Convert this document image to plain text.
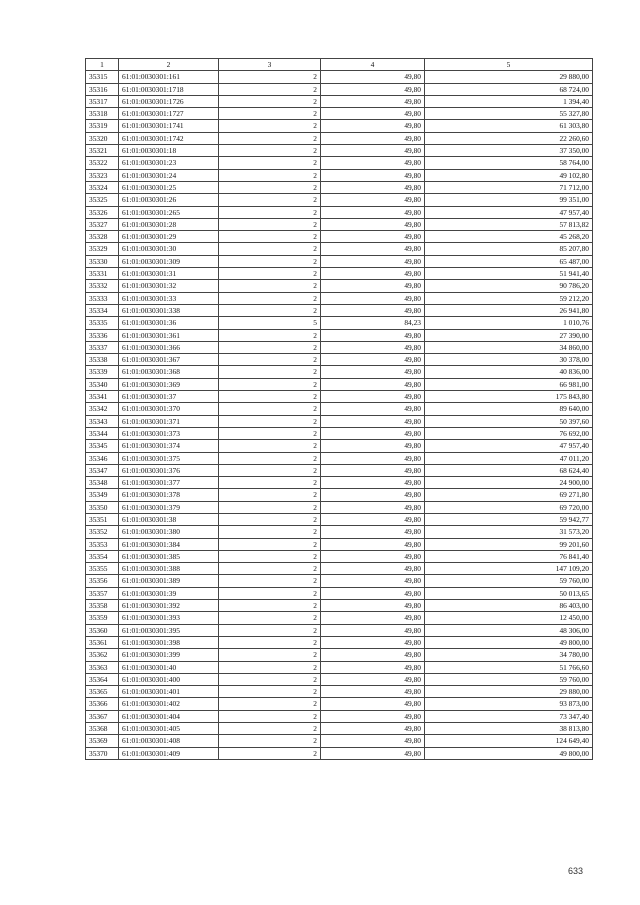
1	2	3	4	5
35315	61:01:0030301:161	2	49,80	29 880,00
35316	61:01:0030301:1718	2	49,80	68 724,00
35317	61:01:0030301:1726	2	49,80	1 394,40
35318	61:01:0030301:1727	2	49,80	55 327,80
35319	61:01:0030301:1741	2	49,80	61 303,80
35320	61:01:0030301:1742	2	49,80	22 260,60
35321	61:01:0030301:18	2	49,80	37 350,00
35322	61:01:0030301:23	2	49,80	58 764,00
35323	61:01:0030301:24	2	49,80	49 102,80
35324	61:01:0030301:25	2	49,80	71 712,00
35325	61:01:0030301:26	2	49,80	99 351,00
35326	61:01:0030301:265	2	49,80	47 957,40
35327	61:01:0030301:28	2	49,80	57 813,82
35328	61:01:0030301:29	2	49,80	45 268,20
35329	61:01:0030301:30	2	49,80	85 207,80
35330	61:01:0030301:309	2	49,80	65 487,00
35331	61:01:0030301:31	2	49,80	51 941,40
35332	61:01:0030301:32	2	49,80	90 786,20
35333	61:01:0030301:33	2	49,80	59 212,20
35334	61:01:0030301:338	2	49,80	26 941,80
35335	61:01:0030301:36	5	84,23	1 010,76
35336	61:01:0030301:361	2	49,80	27 390,00
35337	61:01:0030301:366	2	49,80	34 860,00
35338	61:01:0030301:367	2	49,80	30 378,00
35339	61:01:0030301:368	2	49,80	40 836,00
35340	61:01:0030301:369	2	49,80	66 981,00
35341	61:01:0030301:37	2	49,80	175 843,80
35342	61:01:0030301:370	2	49,80	89 640,00
35343	61:01:0030301:371	2	49,80	50 397,60
35344	61:01:0030301:373	2	49,80	76 692,00
35345	61:01:0030301:374	2	49,80	47 957,40
35346	61:01:0030301:375	2	49,80	47 011,20
35347	61:01:0030301:376	2	49,80	68 624,40
35348	61:01:0030301:377	2	49,80	24 900,00
35349	61:01:0030301:378	2	49,80	69 271,80
35350	61:01:0030301:379	2	49,80	69 720,00
35351	61:01:0030301:38	2	49,80	59 942,77
35352	61:01:0030301:380	2	49,80	31 573,20
35353	61:01:0030301:384	2	49,80	99 201,60
35354	61:01:0030301:385	2	49,80	76 841,40
35355	61:01:0030301:388	2	49,80	147 109,20
35356	61:01:0030301:389	2	49,80	59 760,00
35357	61:01:0030301:39	2	49,80	50 013,65
35358	61:01:0030301:392	2	49,80	86 403,00
35359	61:01:0030301:393	2	49,80	12 450,00
35360	61:01:0030301:395	2	49,80	48 306,00
35361	61:01:0030301:398	2	49,80	49 800,00
35362	61:01:0030301:399	2	49,80	34 780,00
35363	61:01:0030301:40	2	49,80	51 766,60
35364	61:01:0030301:400	2	49,80	59 760,00
35365	61:01:0030301:401	2	49,80	29 880,00
35366	61:01:0030301:402	2	49,80	93 873,00
35367	61:01:0030301:404	2	49,80	73 347,40
35368	61:01:0030301:405	2	49,80	38 813,80
35369	61:01:0030301:408	2	49,80	124 649,40
35370	61:01:0030301:409	2	49,80	49 800,00
633
